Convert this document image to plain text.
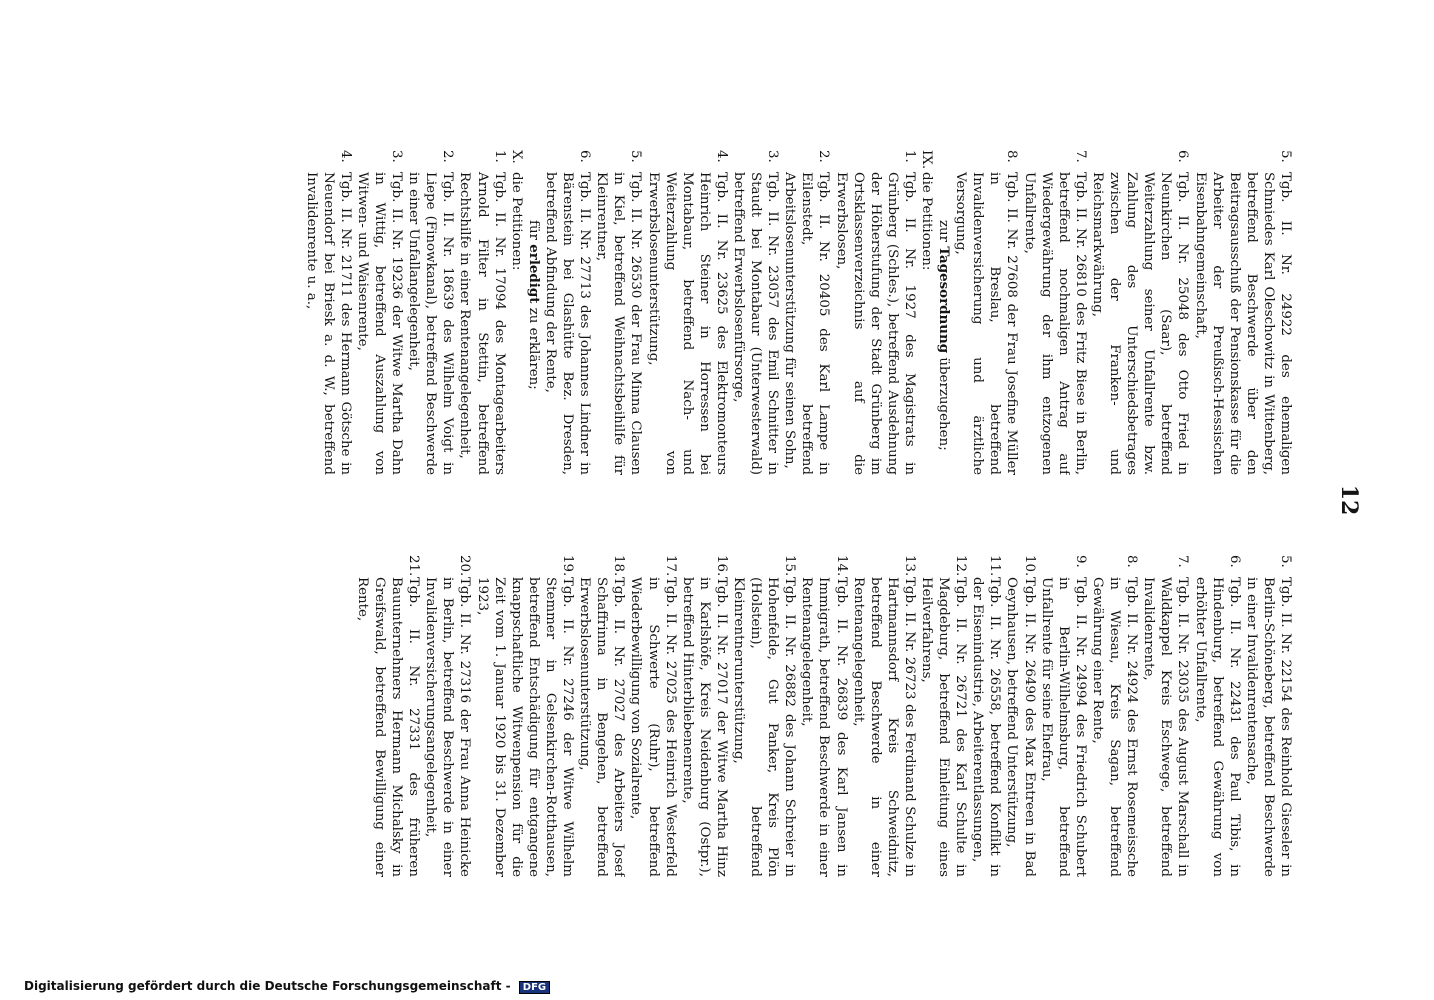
12

5.
Tgb. II. Nr. 24922 des ehemaligen Schmiedes Karl Oleschowitz in Wittenberg, betreffend Beschwerde über den Beitragsausschuß der Pensionskasse für die Arbeiter der Preußisch-Hessischen Eisenbahngemeinschaft,

6.
Tgb. II. Nr. 25048 des Otto Fried in Neunkirchen (Saar), betreffend Weiterzahlung seiner Unfallrente bzw. Zahlung des Unterschiedsbetrages zwischen der Franken- und Reichsmarkwährung,

7.
Tgb. II. Nr. 26810 des Fritz Biese in Berlin, betreffend nochmaligen Antrag auf Wiedergewährung der ihm entzogenen Unfallrente,

8.
Tgb. II. Nr. 27608 der Frau Josefine Müller in Breslau, betreffend Invalidenversicherung und ärztliche Versorgung,

zur Tagesordnung überzugehen;

IX.
die Petitionen:

1.
Tgb. II. Nr. 1927 des Magistrats in Grünberg (Schles.), betreffend Ausdehnung der Höherstufung der Stadt Grünberg im Ortsklassenverzeichnis auf die Erwerbslosen,

2.
Tgb. II. Nr. 20405 des Karl Lampe in Eilenstedt, betreffend Arbeitslosenunterstützung für seinen Sohn,

3.
Tgb. II. Nr. 23057 des Emil Schnitter in Staudt bei Montabaur (Unterwesterwald) betreffend Erwerbslosenfürsorge,

4.
Tgb. II. Nr. 23625 des Elektromonteurs Heinrich Steiner in Horressen bei Montabaur, betreffend Nach- und Weiterzahlung von Erwerbslosenunterstützung,

5.
Tgb. II. Nr. 26530 der Frau Minna Clausen in Kiel, betreffend Weihnachtsbeihilfe für Kleinrentner,

6.
Tgb. II. Nr. 27713 des Johannes Lindner in Bärenstein bei Glashütte Bez. Dresden, betreffend Abfindung der Rente,

für erledigt zu erklären;

X.
die Petitionen:

1.
Tgb. II. Nr. 17094 des Montagearbeiters Arnold Filter in Stettin, betreffend Rechtshilfe in einer Rentenangelegenheit,

2.
Tgb. II. Nr. 18639 des Wilhelm Voigt in Liepe (Finowkanal), betreffend Beschwerde in einer Unfallangelegenheit,

3.
Tgb. II. Nr. 19236 der Witwe Martha Dahn in Wittig, betreffend Auszahlung von Witwen- und Waisenrente,

4.
Tgb. II. Nr. 21711 des Hermann Götsche in Neuendorf bei Briesk a. d. W., betreffend Invalidenrente u. a.,

5.
Tgb. II. Nr. 22154 des Reinhold Gieseler in Berlin-Schöneberg, betreffend Beschwerde in einer Invalidenrentensache,

6.
Tgb. II. Nr. 22431 des Paul Tibis, in Hindenburg, betreffend Gewährung von erhöhter Unfallrente,

7.
Tgb. II. Nr. 23035 des August Marschall in Waldkappel Kreis Eschwege, betreffend Invalidenrente,

8.
Tgb. II. Nr. 24924 des Ernst Rosemeissche in Wiesau, Kreis Sagan, betreffend Gewährung einer Rente,

9.
Tgb. II. Nr. 24994 des Friedrich Schubert in Berlin-Wilhelmsburg, betreffend Unfallrente für seine Ehefrau,

10.
Tgb. II. Nr. 26490 des Max Entreen in Bad Oeynhausen, betreffend Unterstützung,

11.
Tgb. II. Nr. 26558, betreffend Konflikt in der Eisenindustrie, Arbeiterentlassungen,

12.
Tgb. II. Nr. 26721 des Karl Schulte in Magdeburg, betreffend Einleitung eines Heilverfahrens,

13.
Tgb. II. Nr. 26723 des Ferdinand Schulze in Hartmannsdorf Kreis Schweidnitz, betreffend Beschwerde in einer Rentenangelegenheit,

14.
Tgb. II. Nr. 26839 des Karl Jansen in Immigrath, betreffend Beschwerde in einer Rentenangelegenheit,

15.
Tgb. II. Nr. 26882 des Johann Schreier in Hohenfelde, Gut Panker, Kreis Plön (Holstein), betreffend Kleinrentnerunterstützung,

16.
Tgb. II. Nr. 27017 der Witwe Martha Hinz in Karlshöfe, Kreis Neidenburg (Ostpr.), betreffend Hinterbliebenenrente,

17.
Tgb. II. Nr. 27025 des Heinrich Westerfeld in Schwerte (Ruhr), betreffend Wiederbewilligung von Sozialrente,

18.
Tgb. II. Nr. 27027 des Arbeiters Josef Schaffrinna in Bengehen, betreffend Erwerbslosenunterstützung,

19.
Tgb. II. Nr. 27246 der Witwe Wilhelm Stemmer in Gelsenkirchen-Rotthausen, betreffend Entschädigung für entgangene knappschaftliche Witwenpension für die Zeit vom 1. Januar 1920 bis 31. Dezember 1923,

20.
Tgb. II. Nr. 27316 der Frau Anna Heinicke in Berlin, betreffend Beschwerde in einer Invalidenversicherungsangelegenheit,

21.
Tgb. II. Nr. 27331 des früheren Bauunternehmers Hermann Michalsky in Greifswald, betreffend Bewilligung einer Rente,

Digitalisierung gefördert durch die Deutsche Forschungsgemeinschaft - DFG
